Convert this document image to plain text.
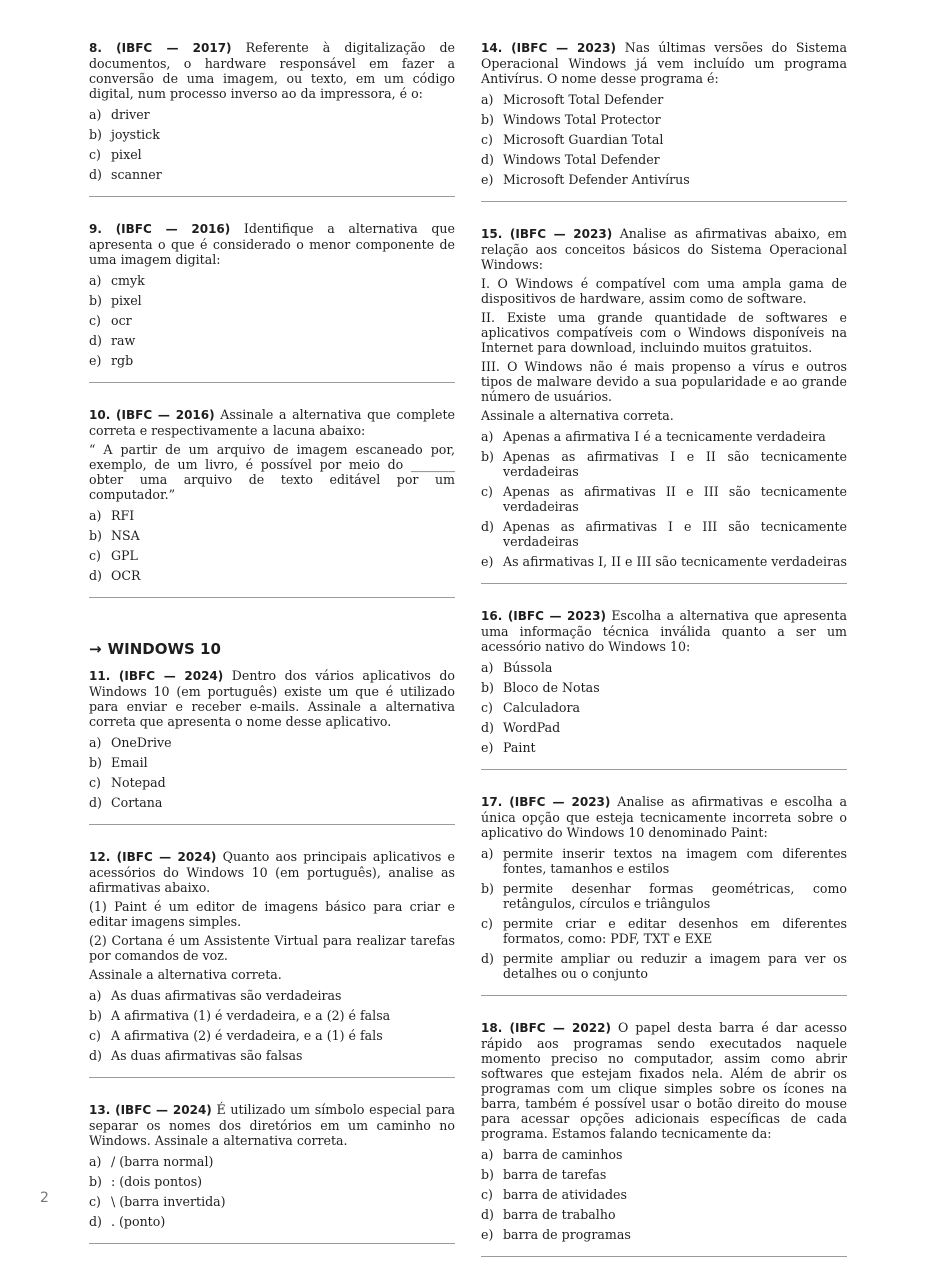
8. (IBFC — 2017) Referente à digitalização de documentos, o hardware responsável em fazer a conversão de uma imagem, ou texto, em um código digital, num processo inverso ao da impressora, é o:

a) driver
b) joystick
c) pixel
d) scanner

9. (IBFC — 2016) Identifique a alternativa que apresenta o que é considerado o menor componente de uma imagem digital:

a) cmyk
b) pixel
c) ocr
d) raw
e) rgb

10. (IBFC — 2016) Assinale a alternativa que complete correta e respectivamente a lacuna abaixo:

“ A partir de um arquivo de imagem escaneado por, exemplo, de um livro, é possível por meio do _______ obter uma arquivo de texto editável por um computador.”

a) RFI
b) NSA
c) GPL
d) OCR
→ WINDOWS 10

11. (IBFC — 2024) Dentro dos vários aplicativos do Windows 10 (em português) existe um que é utilizado para enviar e receber e-mails. Assinale a alternativa correta que apresenta o nome desse aplicativo.

a) OneDrive
b) Email
c) Notepad
d) Cortana

12. (IBFC — 2024) Quanto aos principais aplicativos e acessórios do Windows 10 (em português), analise as afirmativas abaixo.

(1) Paint é um editor de imagens básico para criar e editar imagens simples.

(2) Cortana é um Assistente Virtual para realizar tarefas por comandos de voz.

Assinale a alternativa correta.

a) As duas afirmativas são verdadeiras
b) A afirmativa (1) é verdadeira, e a (2) é falsa
c) A afirmativa (2) é verdadeira, e a (1) é fals
d) As duas afirmativas são falsas

13. (IBFC — 2024) É utilizado um símbolo especial para separar os nomes dos diretórios em um caminho no Windows. Assinale a alternativa correta.

a) / (barra normal)
b) : (dois pontos)
c) \ (barra invertida)
d) . (ponto)

14. (IBFC — 2023) Nas últimas versões do Sistema Operacional Windows já vem incluído um programa Antivírus. O nome desse programa é:

a) Microsoft Total Defender
b) Windows Total Protector
c) Microsoft Guardian Total
d) Windows Total Defender
e) Microsoft Defender Antivírus

15. (IBFC — 2023) Analise as afirmativas abaixo, em relação aos conceitos básicos do Sistema Operacional Windows:

I. O Windows é compatível com uma ampla gama de dispositivos de hardware, assim como de software.

II. Existe uma grande quantidade de softwares e aplicativos compatíveis com o Windows disponíveis na Internet para download, incluindo muitos gratuitos.

III. O Windows não é mais propenso a vírus e outros tipos de malware devido a sua popularidade e ao grande número de usuários.

Assinale a alternativa correta.

a) Apenas a afirmativa I é a tecnicamente verdadeira
b) Apenas as afirmativas I e II são tecnicamente verdadeiras
c) Apenas as afirmativas II e III são tecnicamente verdadeiras
d) Apenas as afirmativas I e III são tecnicamente verdadeiras
e) As afirmativas I, II e III são tecnicamente verdadeiras

16. (IBFC — 2023) Escolha a alternativa que apresenta uma informação técnica inválida quanto a ser um acessório nativo do Windows 10:

a) Bússola
b) Bloco de Notas
c) Calculadora
d) WordPad
e) Paint

17. (IBFC — 2023) Analise as afirmativas e escolha a única opção que esteja tecnicamente incorreta sobre o aplicativo do Windows 10 denominado Paint:

a) permite inserir textos na imagem com diferentes fontes, tamanhos e estilos
b) permite desenhar formas geométricas, como retângulos, círculos e triângulos
c) permite criar e editar desenhos em diferentes formatos, como: PDF, TXT e EXE
d) permite ampliar ou reduzir a imagem para ver os detalhes ou o conjunto

18. (IBFC — 2022) O papel desta barra é dar acesso rápido aos programas sendo executados naquele momento preciso no computador, assim como abrir softwares que estejam fixados nela. Além de abrir os programas com um clique simples sobre os ícones na barra, também é possível usar o botão direito do mouse para acessar opções adicionais específicas de cada programa. Estamos falando tecnicamente da:

a) barra de caminhos
b) barra de tarefas
c) barra de atividades
d) barra de trabalho
e) barra de programas
2
